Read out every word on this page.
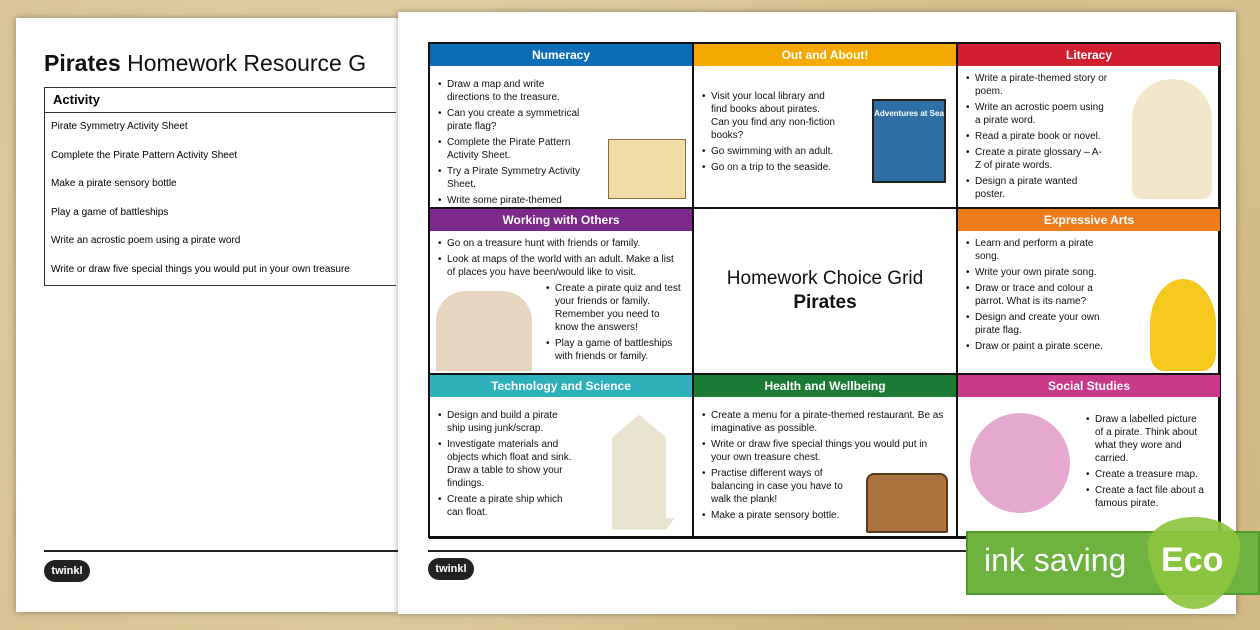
Pirates Homework Resource G
Activity
Pirate Symmetry Activity Sheet
Complete the Pirate Pattern Activity Sheet
Make a pirate sensory bottle
Play a game of battleships
Write an acrostic poem using a pirate word
Write or draw five special things you would put in your own treasure
twinkl
Numeracy
• Draw a map and write directions to the treasure.
• Can you create a symmetrical pirate flag?
• Complete the Pirate Pattern Activity Sheet.
• Try a Pirate Symmetry Activity Sheet.
• Write some pirate-themed
Out and About!
Adventures at Sea
• Visit your local library and find books about pirates. Can you find any non-fiction books?
• Go swimming with an adult.
• Go on a trip to the seaside.
Literacy
• Write a pirate-themed story or poem.
• Write an acrostic poem using a pirate word.
• Read a pirate book or novel.
• Create a pirate glossary – A-Z of pirate words.
• Design a pirate wanted poster.
Working with Others
• Go on a treasure hunt with friends or family.
• Look at maps of the world with an adult. Make a list of places you have been/would like to visit.
• Create a pirate quiz and test your friends or family. Remember you need to know the answers!
• Play a game of battleships with friends or family.
Expressive Arts
• Learn and perform a pirate song.
• Write your own pirate song.
• Draw or trace and colour a parrot. What is its name?
• Design and create your own pirate flag.
• Draw or paint a pirate scene.
Technology and Science
• Design and build a pirate ship using junk/scrap.
• Investigate materials and objects which float and sink. Draw a table to show your findings.
• Create a pirate ship which can float.
Health and Wellbeing
• Create a menu for a pirate-themed restaurant. Be as imaginative as possible.
• Write or draw five special things you would put in your own treasure chest.
• Practise different ways of balancing in case you have to walk the plank!
• Make a pirate sensory bottle.
Social Studies
• Draw a labelled picture of a pirate. Think about what they wore and carried.
• Create a treasure map.
• Create a fact file about a famous pirate.
Homework Choice Grid
Pirates
twinkl	ink saving Eco
